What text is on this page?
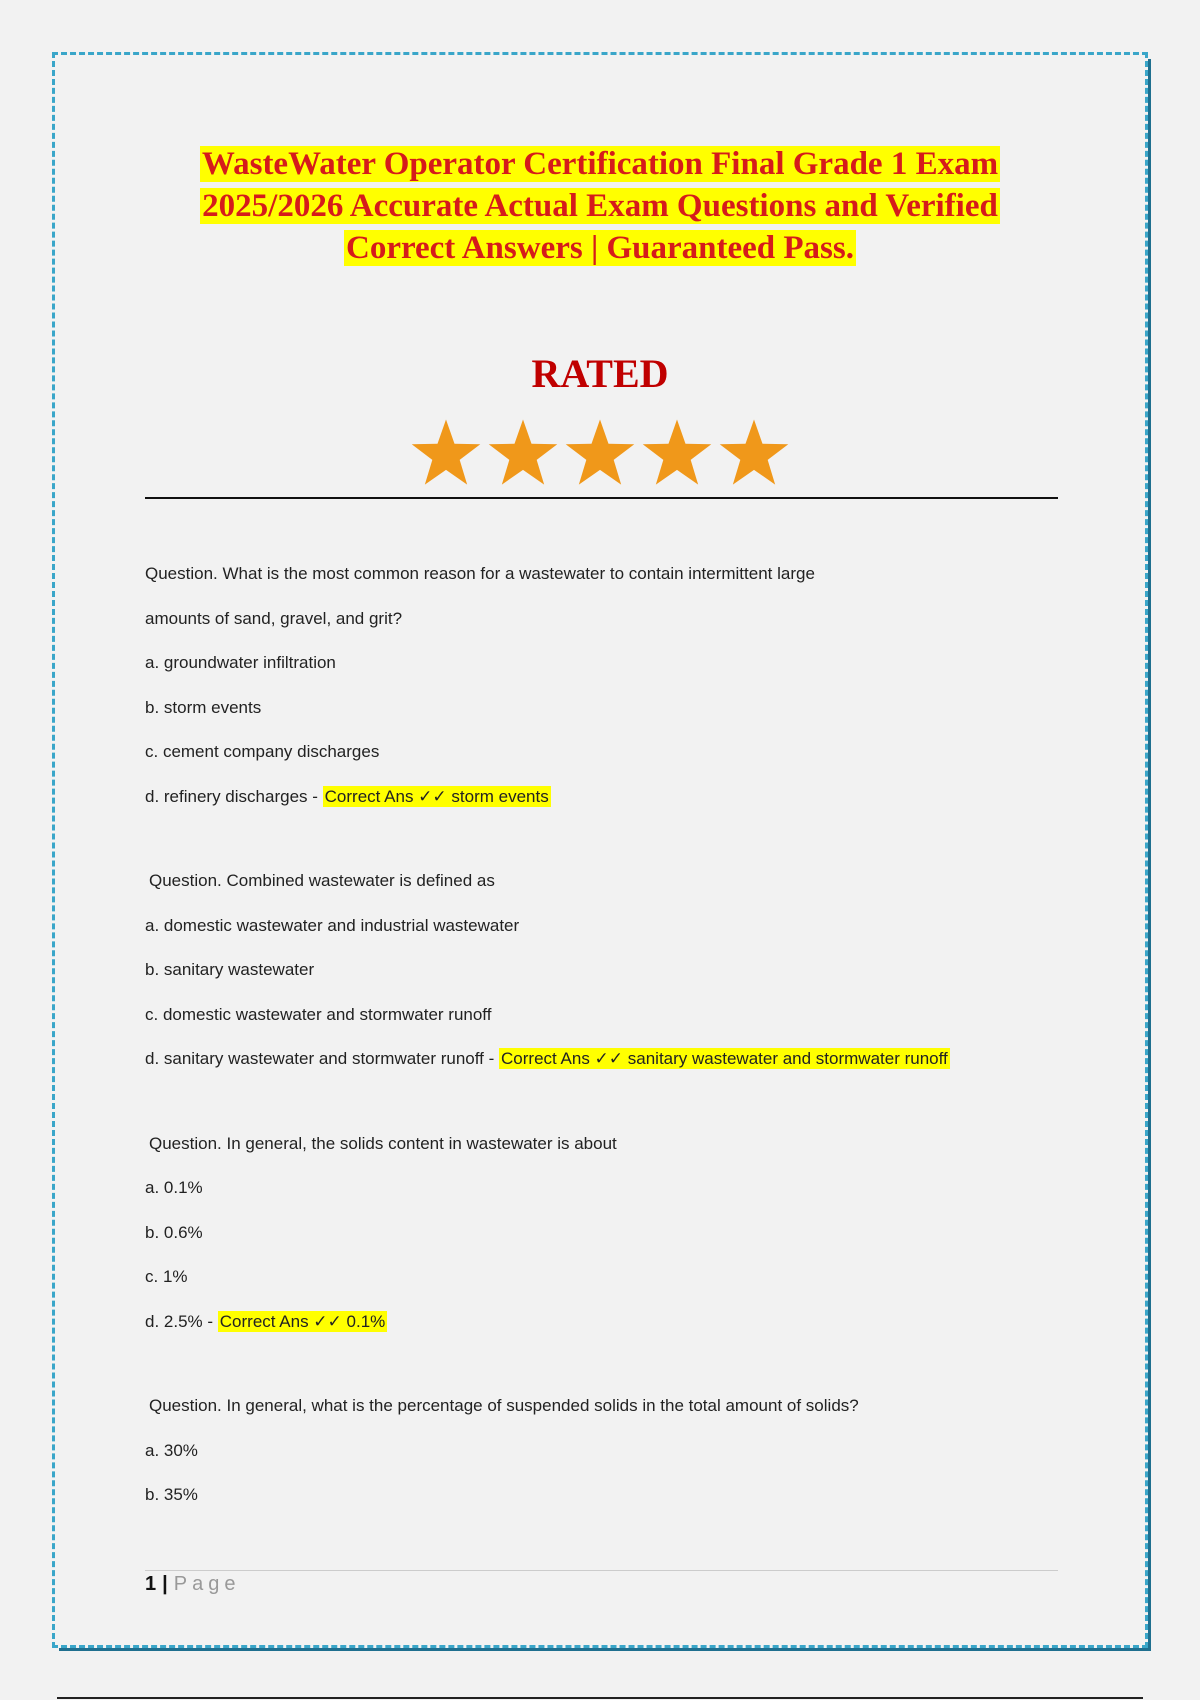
WasteWater Operator Certification Final Grade 1 Exam
2025/2026 Accurate Actual Exam Questions and Verified
Correct Answers | Guaranteed Pass.
RATED
Question. What is the most common reason for a wastewater to contain intermittent large
amounts of sand, gravel, and grit?
a. groundwater infiltration
b. storm events
c. cement company discharges
d. refinery discharges - Correct Ans ✓✓ storm events
Question. Combined wastewater is defined as
a. domestic wastewater and industrial wastewater
b. sanitary wastewater
c. domestic wastewater and stormwater runoff
d. sanitary wastewater and stormwater runoff - Correct Ans ✓✓ sanitary wastewater and stormwater runoff
Question. In general, the solids content in wastewater is about
a. 0.1%
b. 0.6%
c. 1%
d. 2.5% - Correct Ans ✓✓ 0.1%
Question. In general, what is the percentage of suspended solids in the total amount of solids?
a. 30%
b. 35%
1 | Page
